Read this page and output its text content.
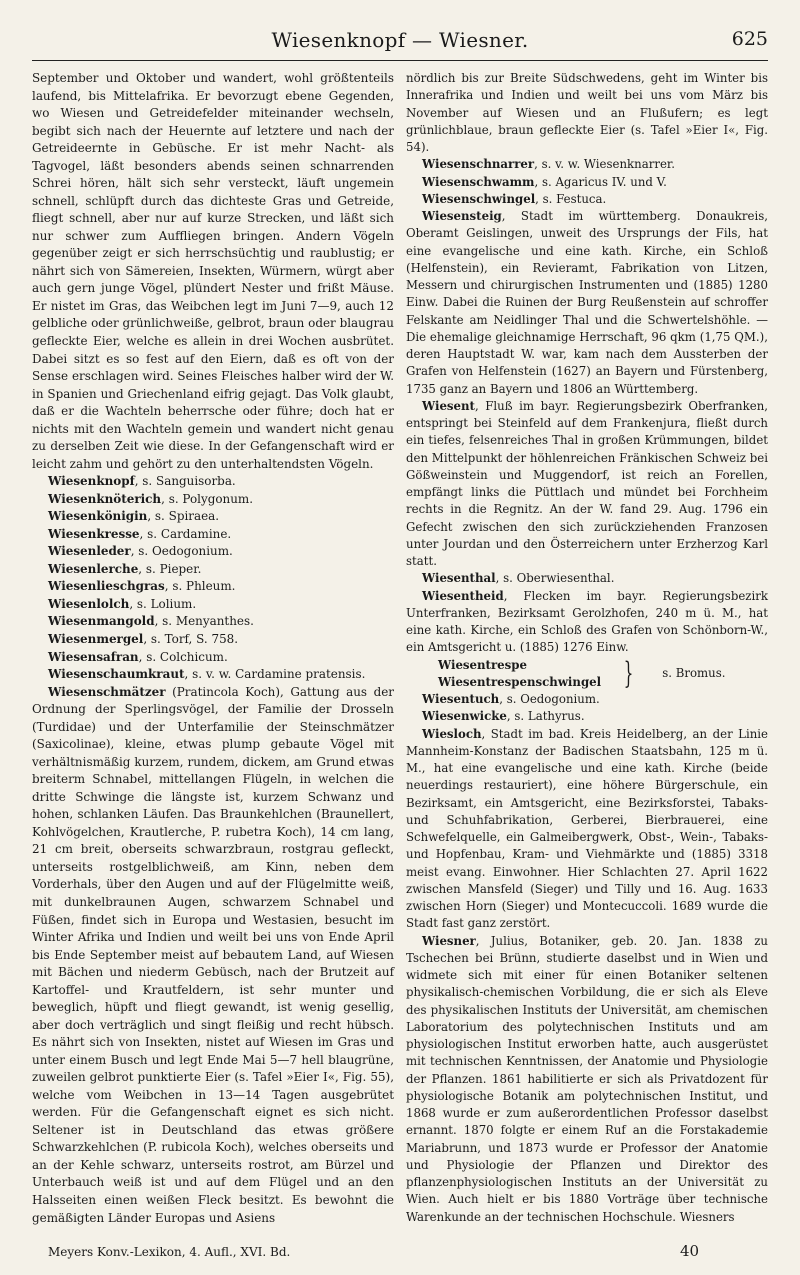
Wiesenknopf — Wiesner.	625

September und Oktober und wandert, wohl größtenteils laufend, bis Mittelafrika. Er bevorzugt ebene Gegenden, wo Wiesen und Getreidefelder miteinander wechseln, begibt sich nach der Heuernte auf letztere und nach der Getreideernte in Gebüsche. Er ist mehr Nacht- als Tagvogel, läßt besonders abends seinen schnarrenden Schrei hören, hält sich sehr versteckt, läuft ungemein schnell, schlüpft durch das dichteste Gras und Getreide, fliegt schnell, aber nur auf kurze Strecken, und läßt sich nur schwer zum Auffliegen bringen. Andern Vögeln gegenüber zeigt er sich herrschsüchtig und raublustig; er nährt sich von Sämereien, Insekten, Würmern, würgt aber auch gern junge Vögel, plündert Nester und frißt Mäuse. Er nistet im Gras, das Weibchen legt im Juni 7—9, auch 12 gelbliche oder grünlichweiße, gelbrot, braun oder blaugrau gefleckte Eier, welche es allein in drei Wochen ausbrütet. Dabei sitzt es so fest auf den Eiern, daß es oft von der Sense erschlagen wird. Seines Fleisches halber wird der W. in Spanien und Griechenland eifrig gejagt. Das Volk glaubt, daß er die Wachteln beherrsche oder führe; doch hat er nichts mit den Wachteln gemein und wandert nicht genau zu derselben Zeit wie diese. In der Gefangenschaft wird er leicht zahm und gehört zu den unterhaltendsten Vögeln.

Wiesenknopf, s. Sanguisorba.

Wiesenknöterich, s. Polygonum.

Wiesenkönigin, s. Spiraea.

Wiesenkresse, s. Cardamine.

Wiesenleder, s. Oedogonium.

Wiesenlerche, s. Pieper.

Wiesenlieschgras, s. Phleum.

Wiesenlolch, s. Lolium.

Wiesenmangold, s. Menyanthes.

Wiesenmergel, s. Torf, S. 758.

Wiesensafran, s. Colchicum.

Wiesenschaumkraut, s. v. w. Cardamine pratensis.

Wiesenschmätzer (Pratincola Koch), Gattung aus der Ordnung der Sperlingsvögel, der Familie der Drosseln (Turdidae) und der Unterfamilie der Steinschmätzer (Saxicolinae), kleine, etwas plump gebaute Vögel mit verhältnismäßig kurzem, rundem, dickem, am Grund etwas breiterm Schnabel, mittellangen Flügeln, in welchen die dritte Schwinge die längste ist, kurzem Schwanz und hohen, schlanken Läufen. Das Braunkehlchen (Braunellert, Kohlvögelchen, Krautlerche, P. rubetra Koch), 14 cm lang, 21 cm breit, oberseits schwarzbraun, rostgrau gefleckt, unterseits rostgelblichweiß, am Kinn, neben dem Vorderhals, über den Augen und auf der Flügelmitte weiß, mit dunkelbraunen Augen, schwarzem Schnabel und Füßen, findet sich in Europa und Westasien, besucht im Winter Afrika und Indien und weilt bei uns von Ende April bis Ende September meist auf bebautem Land, auf Wiesen mit Bächen und niederm Gebüsch, nach der Brutzeit auf Kartoffel- und Krautfeldern, ist sehr munter und beweglich, hüpft und fliegt gewandt, ist wenig gesellig, aber doch verträglich und singt fleißig und recht hübsch. Es nährt sich von Insekten, nistet auf Wiesen im Gras und unter einem Busch und legt Ende Mai 5—7 hell blaugrüne, zuweilen gelbrot punktierte Eier (s. Tafel »Eier I«, Fig. 55), welche vom Weibchen in 13—14 Tagen ausgebrütet werden. Für die Gefangenschaft eignet es sich nicht. Seltener ist in Deutschland das etwas größere Schwarzkehlchen (P. rubicola Koch), welches oberseits und an der Kehle schwarz, unterseits rostrot, am Bürzel und Unterbauch weiß ist und auf dem Flügel und an den Halsseiten einen weißen Fleck besitzt. Es bewohnt die gemäßigten Länder Europas und Asiens

nördlich bis zur Breite Südschwedens, geht im Winter bis Innerafrika und Indien und weilt bei uns vom März bis November auf Wiesen und an Flußufern; es legt grünlichblaue, braun gefleckte Eier (s. Tafel »Eier I«, Fig. 54).

Wiesenschnarrer, s. v. w. Wiesenknarrer.

Wiesenschwamm, s. Agaricus IV. und V.

Wiesenschwingel, s. Festuca.

Wiesensteig, Stadt im württemberg. Donaukreis, Oberamt Geislingen, unweit des Ursprungs der Fils, hat eine evangelische und eine kath. Kirche, ein Schloß (Helfenstein), ein Revieramt, Fabrikation von Litzen, Messern und chirurgischen Instrumenten und (1885) 1280 Einw. Dabei die Ruinen der Burg Reußenstein auf schroffer Felskante am Neidlinger Thal und die Schwertelshöhle. — Die ehemalige gleichnamige Herrschaft, 96 qkm (1,75 QM.), deren Hauptstadt W. war, kam nach dem Aussterben der Grafen von Helfenstein (1627) an Bayern und Fürstenberg, 1735 ganz an Bayern und 1806 an Württemberg.

Wiesent, Fluß im bayr. Regierungsbezirk Oberfranken, entspringt bei Steinfeld auf dem Frankenjura, fließt durch ein tiefes, felsenreiches Thal in großen Krümmungen, bildet den Mittelpunkt der höhlenreichen Fränkischen Schweiz bei Gößweinstein und Muggendorf, ist reich an Forellen, empfängt links die Püttlach und mündet bei Forchheim rechts in die Regnitz. An der W. fand 29. Aug. 1796 ein Gefecht zwischen den sich zurückziehenden Franzosen unter Jourdan und den Österreichern unter Erzherzog Karl statt.

Wiesenthal, s. Oberwiesenthal.

Wiesentheid, Flecken im bayr. Regierungsbezirk Unterfranken, Bezirksamt Gerolzhofen, 240 m ü. M., hat eine kath. Kirche, ein Schloß des Grafen von Schönborn-W., ein Amtsgericht u. (1885) 1276 Einw.

Wiesentrespe
Wiesentrespenschwingel }	s. Bromus.

Wiesentuch, s. Oedogonium.

Wiesenwicke, s. Lathyrus.

Wiesloch, Stadt im bad. Kreis Heidelberg, an der Linie Mannheim-Konstanz der Badischen Staatsbahn, 125 m ü. M., hat eine evangelische und eine kath. Kirche (beide neuerdings restauriert), eine höhere Bürgerschule, ein Bezirksamt, ein Amtsgericht, eine Bezirksforstei, Tabaks- und Schuhfabrikation, Gerberei, Bierbrauerei, eine Schwefelquelle, ein Galmeibergwerk, Obst-, Wein-, Tabaks- und Hopfenbau, Kram- und Viehmärkte und (1885) 3318 meist evang. Einwohner. Hier Schlachten 27. April 1622 zwischen Mansfeld (Sieger) und Tilly und 16. Aug. 1633 zwischen Horn (Sieger) und Montecuccoli. 1689 wurde die Stadt fast ganz zerstört.

Wiesner, Julius, Botaniker, geb. 20. Jan. 1838 zu Tschechen bei Brünn, studierte daselbst und in Wien und widmete sich mit einer für einen Botaniker seltenen physikalisch-chemischen Vorbildung, die er sich als Eleve des physikalischen Instituts der Universität, am chemischen Laboratorium des polytechnischen Instituts und am physiologischen Institut erworben hatte, auch ausgerüstet mit technischen Kenntnissen, der Anatomie und Physiologie der Pflanzen. 1861 habilitierte er sich als Privatdozent für physiologische Botanik am polytechnischen Institut, und 1868 wurde er zum außerordentlichen Professor daselbst ernannt. 1870 folgte er einem Ruf an die Forstakademie Mariabrunn, und 1873 wurde er Professor der Anatomie und Physiologie der Pflanzen und Direktor des pflanzenphysiologischen Instituts an der Universität zu Wien. Auch hielt er bis 1880 Vorträge über technische Warenkunde an der technischen Hochschule. Wiesners

Meyers Konv.-Lexikon, 4. Aufl., XVI. Bd.	40
